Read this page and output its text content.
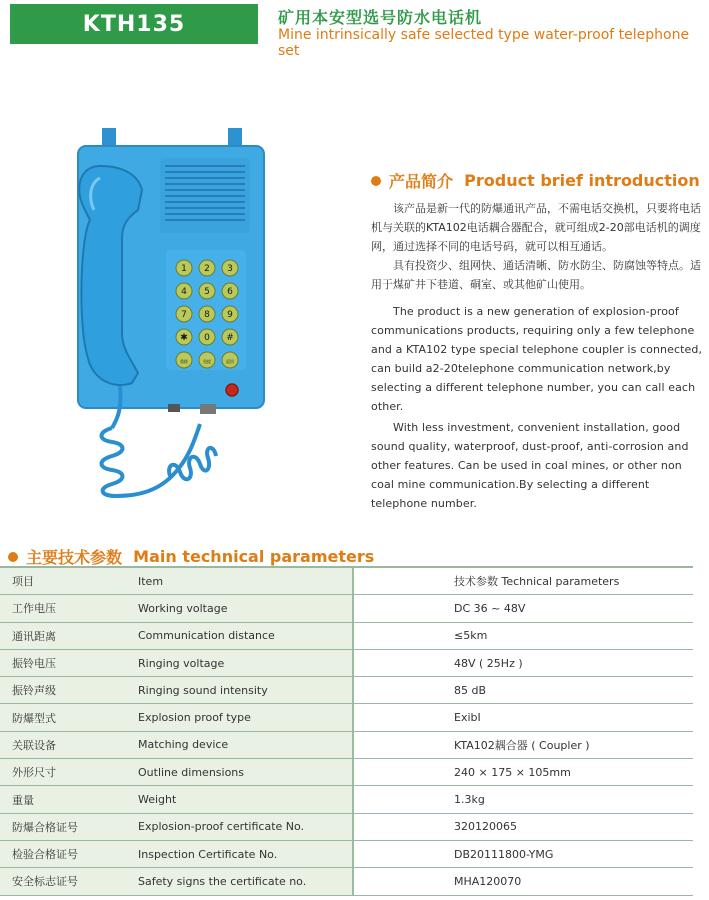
KTH135	矿用本安型选号防水电话机
Mine intrinsically safe selected type water-proof telephone set
1 2 3
4 5 6
7 8 9
✱ 0 #
重拨	免提	返回
产品简介
Product brief introduction

该产品是新一代的防爆通讯产品，不需电话交换机，只要将电话机与关联的KTA102电话耦合器配合，就可组成2-20部电话机的调度网，通过选择不同的电话号码，就可以相互通话。

具有投资少、组网快、通话清晰、防水防尘、防腐蚀等特点。适用于煤矿井下巷道、硐室、或其他矿山使用。

The product is a new generation of explosion-proof communications products, requiring only a few telephone and a KTA102 type special telephone coupler is connected, can build a2-20telephone communication network,by selecting a different telephone number, you can call each other.

With less investment, convenient installation, good sound quality, waterproof, dust-proof, anti-corrosion and other features. Can be used in coal mines, or other non coal mine communication.By selecting a different telephone number.

主要技术参数
Main technical parameters
项目	Item	技术参数 Technical parameters
工作电压	Working voltage	DC 36 ~ 48V
通讯距离	Communication distance	≤5km
振铃电压	Ringing voltage	48V ( 25Hz )
振铃声级	Ringing sound intensity	85 dB
防爆型式	Explosion proof type	ExibI
关联设备	Matching device	KTA102耦合器 ( Coupler )
外形尺寸	Outline dimensions	240 × 175 × 105mm
重量	Weight	1.3kg
防爆合格证号	Explosion-proof certificate No.	320120065
检验合格证号	Inspection Certificate No.	DB20111800-YMG
安全标志证号	Safety signs the certificate no.	MHA120070
